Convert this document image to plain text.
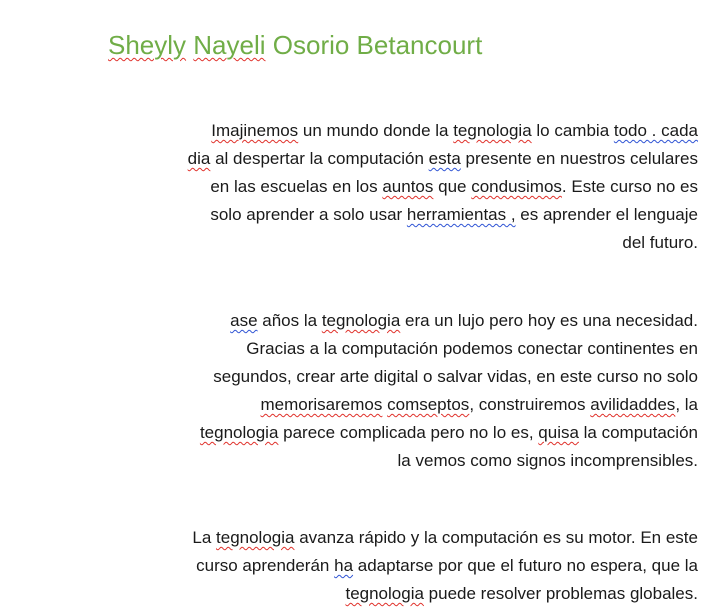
Sheyly Nayeli Osorio Betancourt
Imajinemos un mundo donde la tegnologia lo cambia todo . cada
dia al despertar la computación esta presente en nuestros celulares
en las escuelas en los auntos que condusimos. Este curso no es
solo aprender a solo usar herramientas , es aprender el lenguaje
del futuro.
ase años la tegnologia era un lujo pero hoy es una necesidad.
Gracias a la computación podemos conectar continentes en
segundos, crear arte digital o salvar vidas, en este curso no solo
memorisaremos comseptos, construiremos avilidaddes, la
tegnologia parece complicada pero no lo es, quisa la computación
la vemos como signos incomprensibles.
La tegnologia avanza rápido y la computación es su motor. En este
curso aprenderán ha adaptarse por que el futuro no espera, que la
tegnologia puede resolver problemas globales.
